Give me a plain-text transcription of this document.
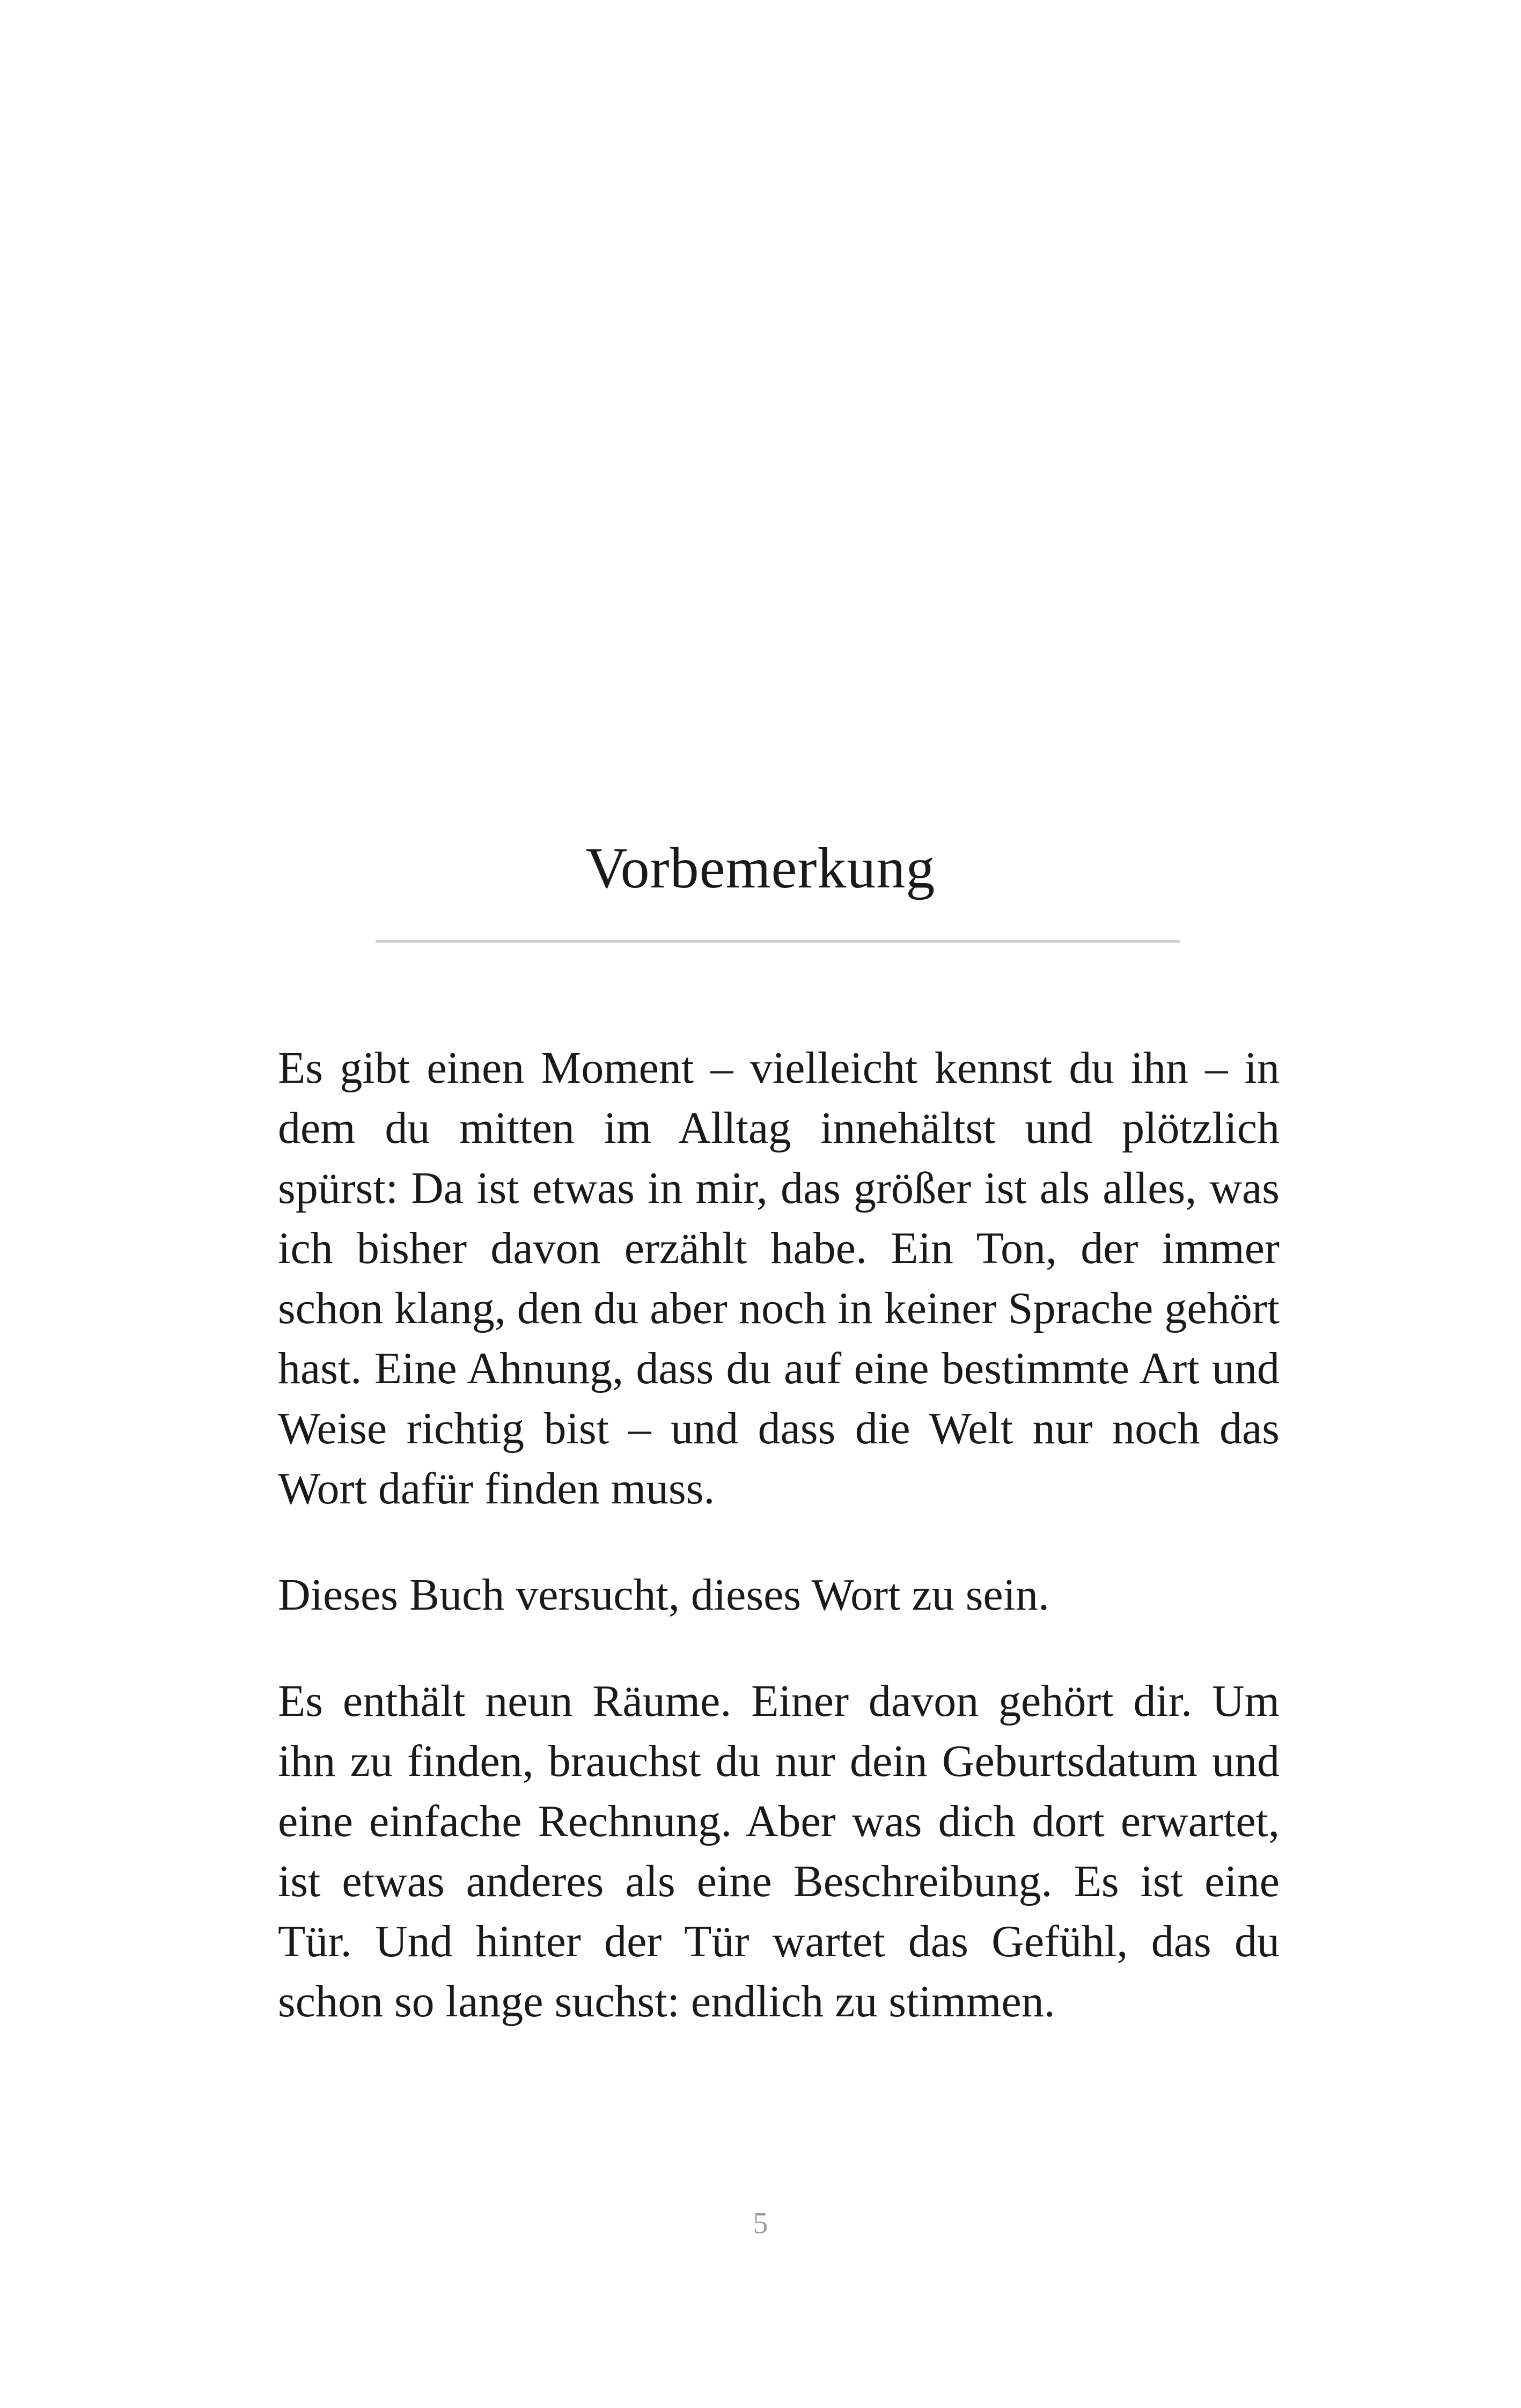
Vorbemerkung

Es gibt einen Moment – vielleicht kennst du ihn – in dem du mitten im Alltag innehältst und plötzlich spürst: Da ist etwas in mir, das größer ist als alles, was ich bisher davon erzählt habe. Ein Ton, der immer schon klang, den du aber noch in keiner Sprache gehört hast. Eine Ahnung, dass du auf eine bestimmte Art und Weise richtig bist – und dass die Welt nur noch das Wort dafür finden muss.

Dieses Buch versucht, dieses Wort zu sein.

Es enthält neun Räume. Einer davon gehört dir. Um ihn zu finden, brauchst du nur dein Geburtsdatum und eine einfache Rechnung. Aber was dich dort erwartet, ist etwas anderes als eine Beschreibung. Es ist eine Tür. Und hinter der Tür wartet das Gefühl, das du schon so lange suchst: endlich zu stimmen.

5
